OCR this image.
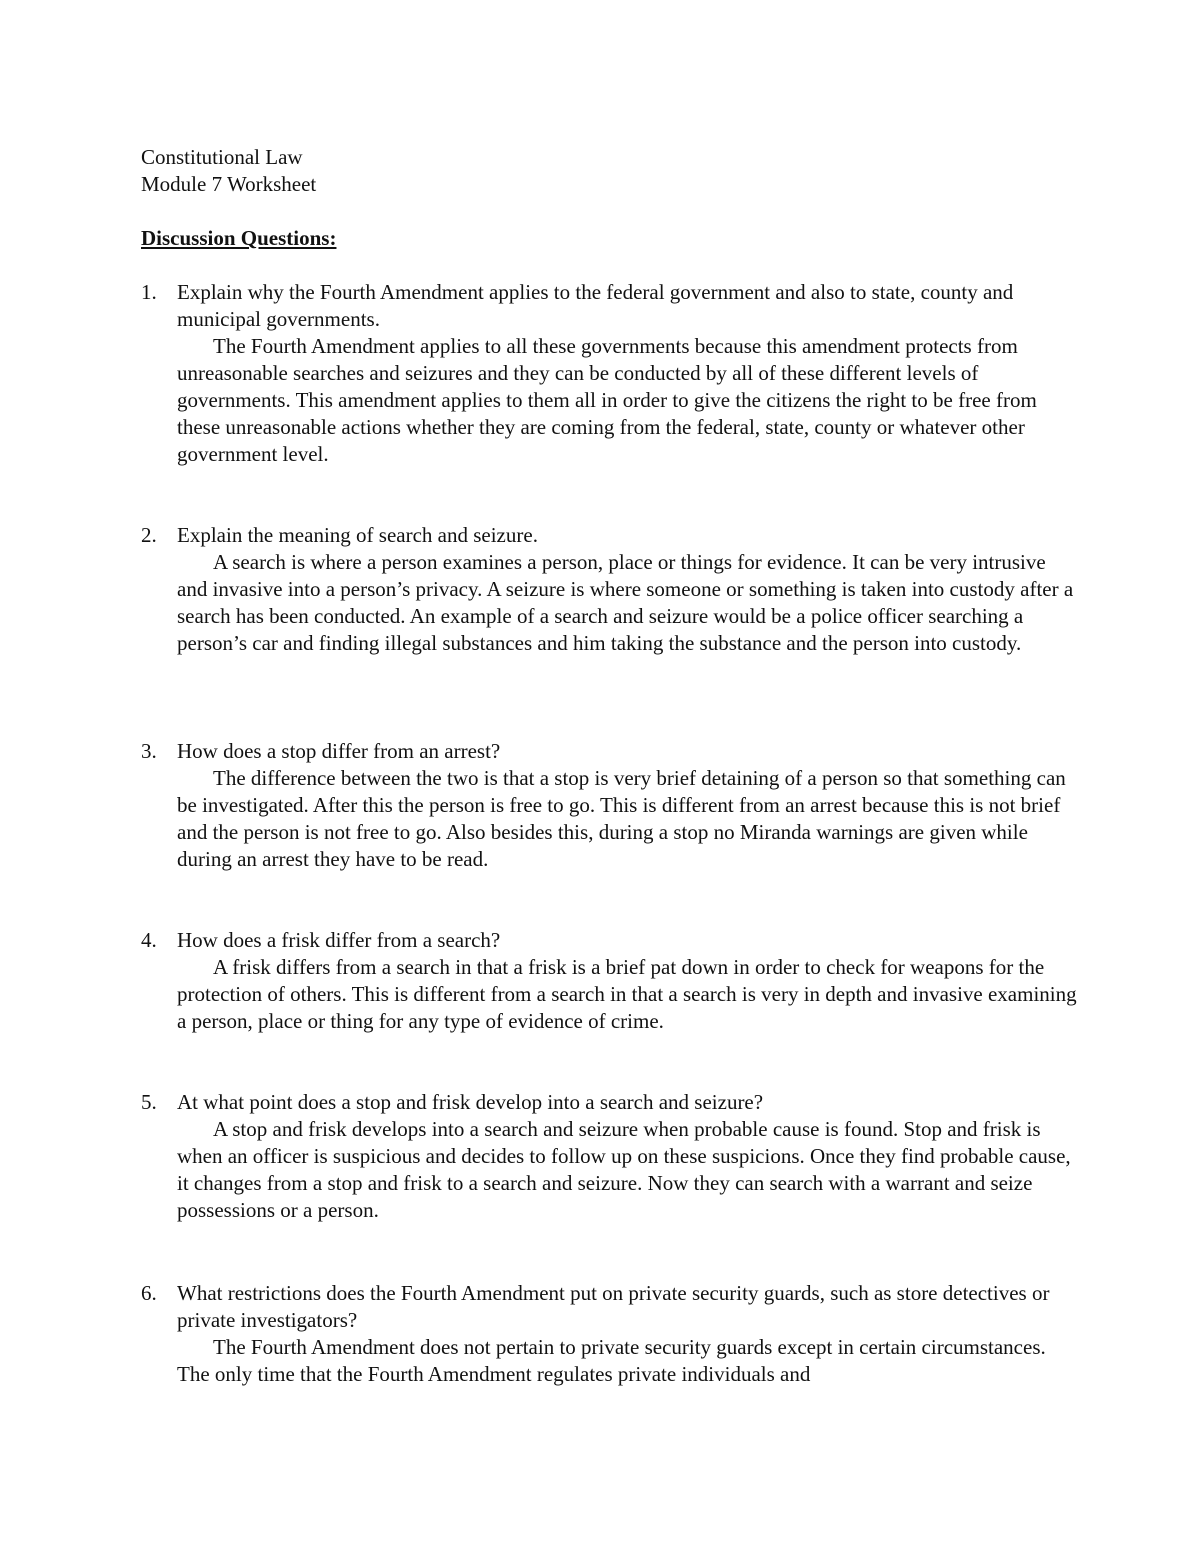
Constitutional Law
Module 7 Worksheet
Discussion Questions:
1. Explain why the Fourth Amendment applies to the federal government and also to state, county and municipal governments.
The Fourth Amendment applies to all these governments because this amendment protects from unreasonable searches and seizures and they can be conducted by all of these different levels of governments. This amendment applies to them all in order to give the citizens the right to be free from these unreasonable actions whether they are coming from the federal, state, county or whatever other government level.
2. Explain the meaning of search and seizure.
A search is where a person examines a person, place or things for evidence. It can be very intrusive and invasive into a person’s privacy. A seizure is where someone or something is taken into custody after a search has been conducted. An example of a search and seizure would be a police officer searching a person’s car and finding illegal substances and him taking the substance and the person into custody.
3. How does a stop differ from an arrest?
The difference between the two is that a stop is very brief detaining of a person so that something can be investigated. After this the person is free to go. This is different from an arrest because this is not brief and the person is not free to go. Also besides this, during a stop no Miranda warnings are given while during an arrest they have to be read.
4. How does a frisk differ from a search?
A frisk differs from a search in that a frisk is a brief pat down in order to check for weapons for the protection of others. This is different from a search in that a search is very in depth and invasive examining a person, place or thing for any type of evidence of crime.
5. At what point does a stop and frisk develop into a search and seizure?
A stop and frisk develops into a search and seizure when probable cause is found. Stop and frisk is when an officer is suspicious and decides to follow up on these suspicions. Once they find probable cause, it changes from a stop and frisk to a search and seizure. Now they can search with a warrant and seize possessions or a person.
6. What restrictions does the Fourth Amendment put on private security guards, such as store detectives or private investigators?
The Fourth Amendment does not pertain to private security guards except in certain circumstances. The only time that the Fourth Amendment regulates private individuals and
